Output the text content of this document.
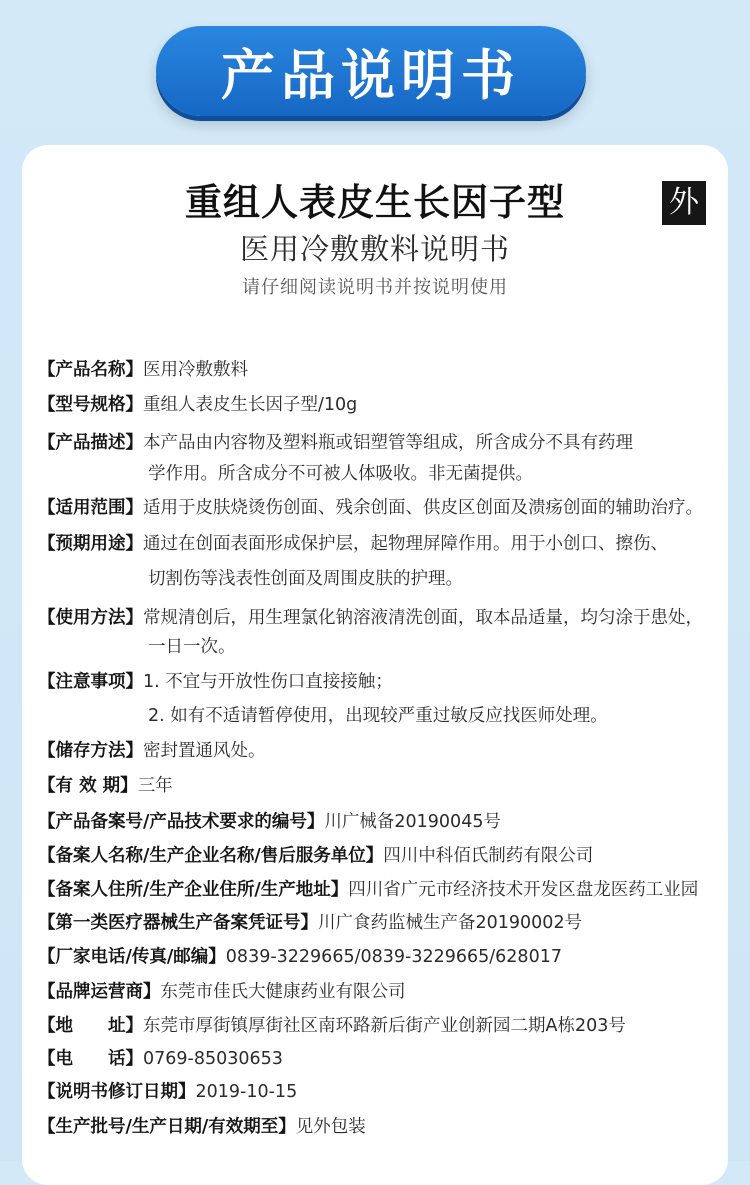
产品说明书
重组人表皮生长因子型	外
医用冷敷敷料说明书
请仔细阅读说明书并按说明使用
【产品名称】医用冷敷敷料
【型号规格】重组人表皮生长因子型/10g
【产品描述】本产品由内容物及塑料瓶或铝塑管等组成，所含成分不具有药理
学作用。所含成分不可被人体吸收。非无菌提供。
【适用范围】适用于皮肤烧烫伤创面、残余创面、供皮区创面及溃疡创面的辅助治疗。
【预期用途】通过在创面表面形成保护层，起物理屏障作用。用于小创口、擦伤、
切割伤等浅表性创面及周围皮肤的护理。
【使用方法】常规清创后，用生理氯化钠溶液清洗创面，取本品适量，均匀涂于患处，
一日一次。
【注意事项】1. 不宜与开放性伤口直接接触；
2. 如有不适请暂停使用，出现较严重过敏反应找医师处理。
【储存方法】密封置通风处。
【有 效 期】三年
【产品备案号/产品技术要求的编号】川广械备20190045号
【备案人名称/生产企业名称/售后服务单位】四川中科佰氏制药有限公司
【备案人住所/生产企业住所/生产地址】四川省广元市经济技术开发区盘龙医药工业园
【第一类医疗器械生产备案凭证号】川广食药监械生产备20190002号
【厂家电话/传真/邮编】0839-3229665/0839-3229665/628017
【品牌运营商】东莞市佳氏大健康药业有限公司
【地　　址】东莞市厚街镇厚街社区南环路新后街产业创新园二期A栋203号
【电　　话】0769-85030653
【说明书修订日期】2019-10-15
【生产批号/生产日期/有效期至】见外包装
